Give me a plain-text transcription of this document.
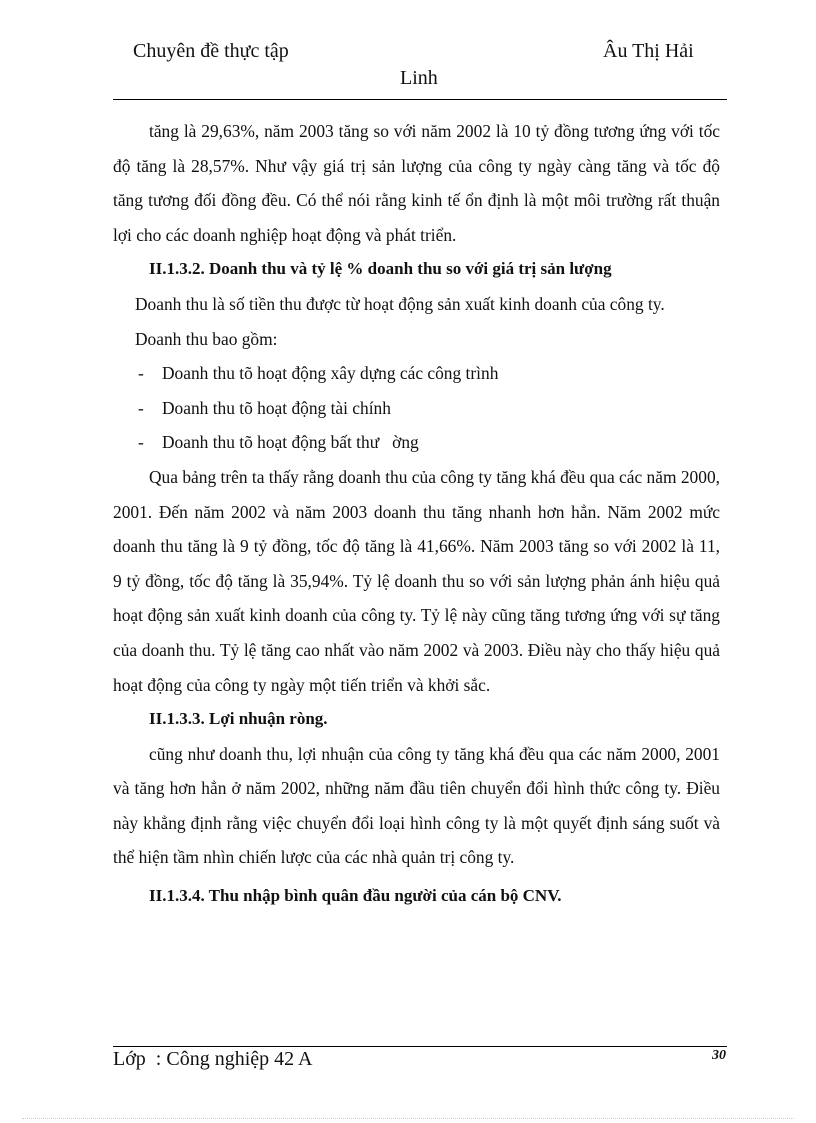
Chuyên đề thực tập	Âu Thị Hải
Linh

tăng là 29,63%, năm 2003 tăng so với năm 2002 là 10 tỷ đồng tương ứng với tốc độ tăng là 28,57%. Như vậy giá trị sản lượng của công ty ngày càng tăng và tốc độ tăng tương đối đồng đều. Có thể nói rằng kinh tế ổn định là một môi trường rất thuận lợi cho các doanh nghiệp hoạt động và phát triển.

II.1.3.2. Doanh thu và tỷ lệ % doanh thu so với giá trị sản lượng

Doanh thu là số tiền thu được từ hoạt động sản xuất kinh doanh của công ty.

Doanh thu bao gồm:

- Doanh thu tõ hoạt động xây dựng các công trình

- Doanh thu tõ hoạt động tài chính

- Doanh thu tõ hoạt động bất thư   ờng

Qua bảng trên ta thấy rằng doanh thu của công ty tăng khá đều qua các năm 2000, 2001. Đến năm 2002 và năm 2003 doanh thu tăng nhanh hơn hẳn. Năm 2002 mức doanh thu tăng là 9 tỷ đồng, tốc độ tăng là 41,66%. Năm 2003 tăng so với 2002 là 11, 9 tỷ đồng, tốc độ tăng là 35,94%. Tỷ lệ doanh thu so với sản lượng phản ánh hiệu quả hoạt động sản xuất kinh doanh của công ty. Tỷ lệ này cũng tăng tương ứng với sự tăng của doanh thu. Tỷ lệ tăng cao nhất vào năm 2002 và 2003. Điều này cho thấy hiệu quả hoạt động của công ty ngày một tiến triển và khởi sắc.

II.1.3.3. Lợi nhuận ròng.

cũng như doanh thu, lợi nhuận của công ty tăng khá đều qua các năm 2000, 2001 và tăng hơn hẳn ở năm 2002, những năm đầu tiên chuyển đổi hình thức công ty. Điều này khẳng định rằng việc chuyển đổi loại hình công ty là một quyết định sáng suốt và thể hiện tầm nhìn chiến lược của các nhà quản trị công ty.

II.1.3.4. Thu nhập bình quân đầu người của cán bộ CNV.

Lớp  : Công nghiệp 42 A	30
